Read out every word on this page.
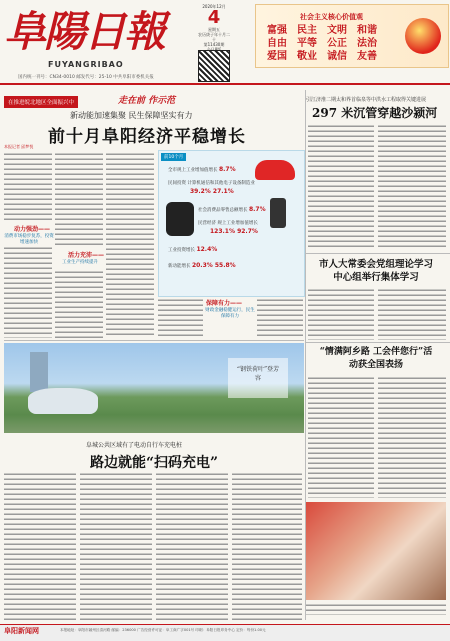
阜陽日報
FUYANGRIBAO
国内统一刊号：CN34-0010 邮发代号：25-10 中共阜阳市委机关报
2020年12月
4
星期五
农历庚子年十月二十
第11430期
社会主义核心价值观
富强	民主	文明	和谐
自由	平等	公正	法治
爱国	敬业	诚信	友善
在推进皖北地区全面振兴中	走在前 作示范
新动能加速集聚 民生保障坚实有力
前十月阜阳经济平稳增长
本报记者 邱梦悦
动力强劲——
消费市场稳步复苏，投资增速加快
活力充沛——
工业生产持续提升
保障有力——
财政金融稳健运行，民生保障有力
前10个月
全市规上工业增加值增长 8.7%
民间投资 计算机通信和其他电子设备制造业
39.2% 27.1%
社会消费品零售总额增长 8.7%
民营经济 规上工业增加值增长
123.1% 92.7%
工业投资增长 12.4%
新动能增长 20.3% 55.8%
引江济淮二期太和界首临泉等中洪水工程取得关键进展
297 米沉管穿越沙颍河
市人大常委会党组理论学习中心组举行集体学习
“情满阿乡路 工会伴您行”活动获全国表扬
“钢铁荷叶”登芳容
阜城公共区域有了电动自行车充电桩
路边就能“扫码充电”
阜阳新闻网	本报地址：阜阳市颍州区清河路 邮编：236000 广告经营许可证：阜工商广字001号 印刷：阜阳日报印务中心 定价：每份1.00元
